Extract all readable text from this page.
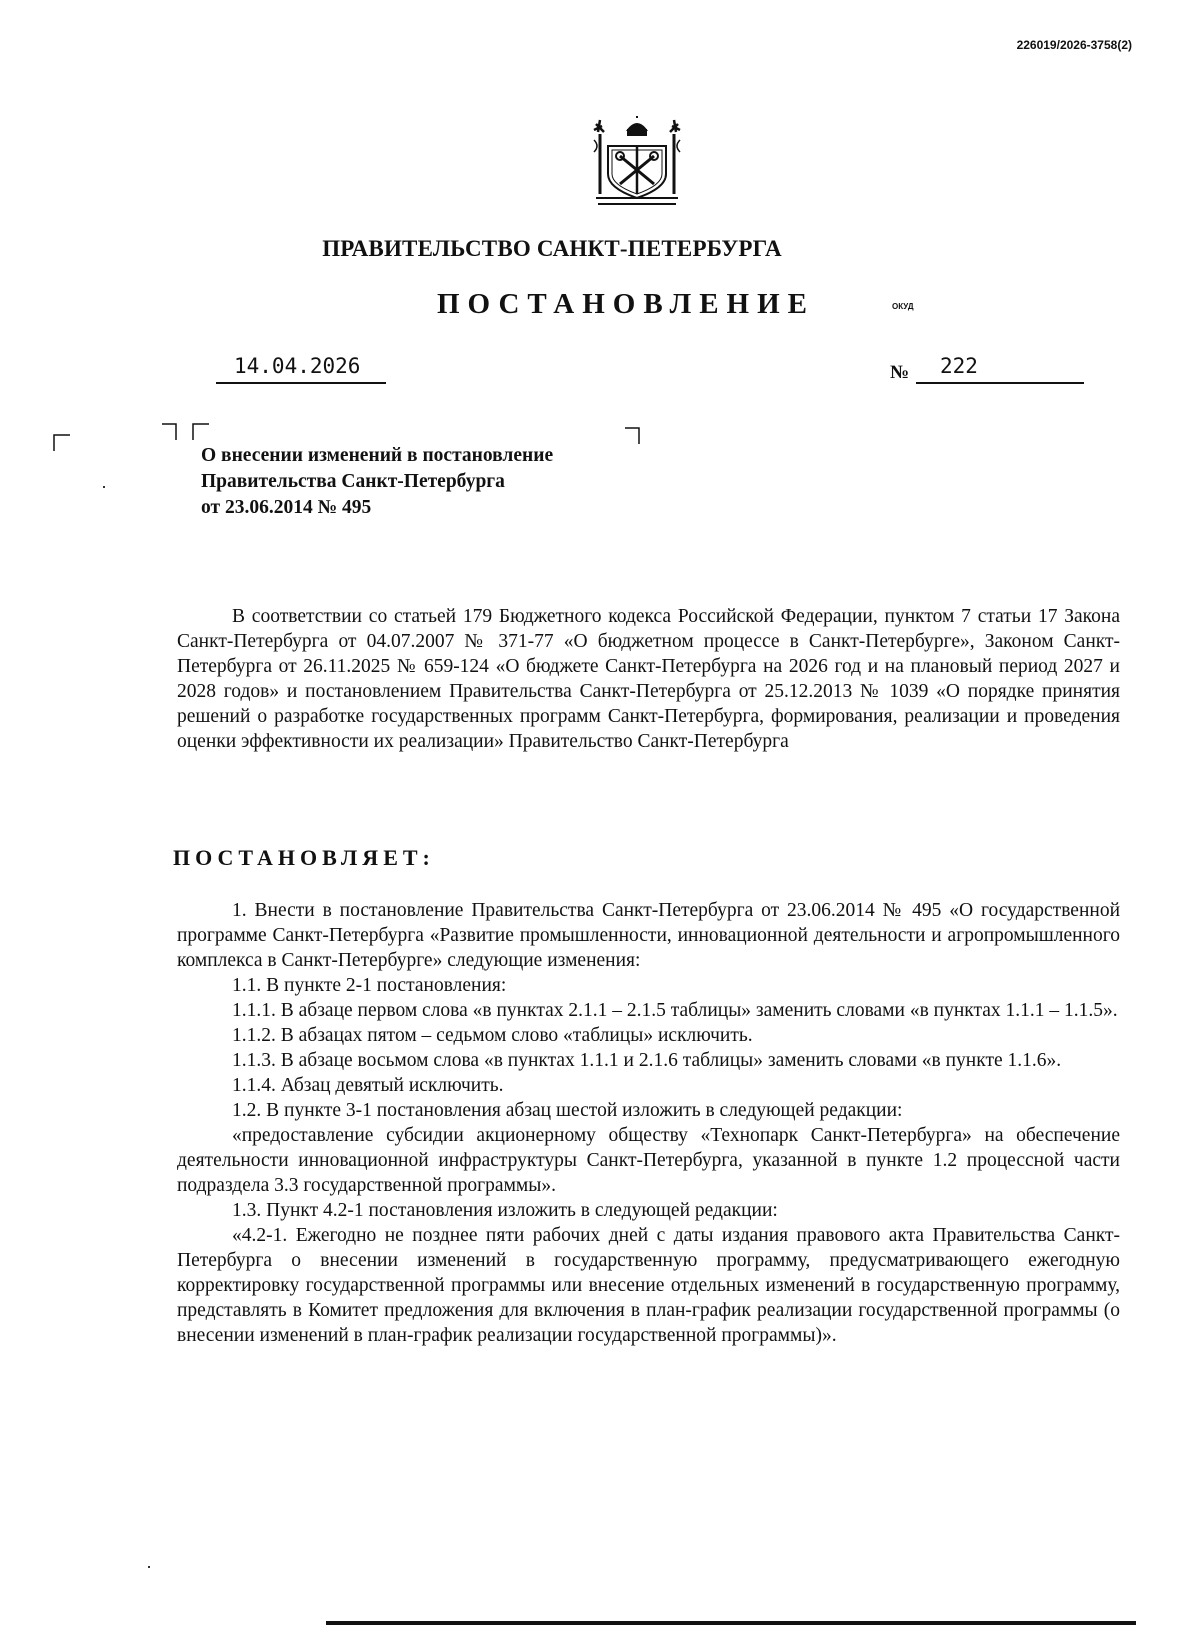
226019/2026-3758(2)
ПРАВИТЕЛЬСТВО САНКТ-ПЕТЕРБУРГА
ПОСТАНОВЛЕНИЕ	ОКУД
14.04.2026	№ 222
О внесении изменений в постановление
Правительства Санкт-Петербурга
от 23.06.2014 № 495

В соответствии со статьей 179 Бюджетного кодекса Российской Федерации, пунктом 7 статьи 17 Закона Санкт-Петербурга от 04.07.2007 № 371-77 «О бюджетном процессе в Санкт-Петербурге», Законом Санкт-Петербурга от 26.11.2025 № 659-124 «О бюджете Санкт-Петербурга на 2026 год и на плановый период 2027 и 2028 годов» и постановлением Правительства Санкт-Петербурга от 25.12.2013 № 1039 «О порядке принятия решений о разработке государственных программ Санкт-Петербурга, формирования, реализации и проведения оценки эффективности их реализации» Правительство Санкт-Петербурга

ПОСТАНОВЛЯЕТ:

1. Внести в постановление Правительства Санкт-Петербурга от 23.06.2014 № 495 «О государственной программе Санкт-Петербурга «Развитие промышленности, инновационной деятельности и агропромышленного комплекса в Санкт-Петербурге» следующие изменения:

1.1. В пункте 2-1 постановления:

1.1.1. В абзаце первом слова «в пунктах 2.1.1 – 2.1.5 таблицы» заменить словами «в пунктах 1.1.1 – 1.1.5».

1.1.2. В абзацах пятом – седьмом слово «таблицы» исключить.

1.1.3. В абзаце восьмом слова «в пунктах 1.1.1 и 2.1.6 таблицы» заменить словами «в пункте 1.1.6».

1.1.4. Абзац девятый исключить.

1.2. В пункте 3-1 постановления абзац шестой изложить в следующей редакции:

«предоставление субсидии акционерному обществу «Технопарк Санкт-Петербурга» на обеспечение деятельности инновационной инфраструктуры Санкт-Петербурга, указанной в пункте 1.2 процессной части подраздела 3.3 государственной программы».

1.3. Пункт 4.2-1 постановления изложить в следующей редакции:

«4.2-1. Ежегодно не позднее пяти рабочих дней с даты издания правового акта Правительства Санкт-Петербурга о внесении изменений в государственную программу, предусматривающего ежегодную корректировку государственной программы или внесение отдельных изменений в государственную программу, представлять в Комитет предложения для включения в план-график реализации государственной программы (о внесении изменений в план-график реализации государственной программы)».
